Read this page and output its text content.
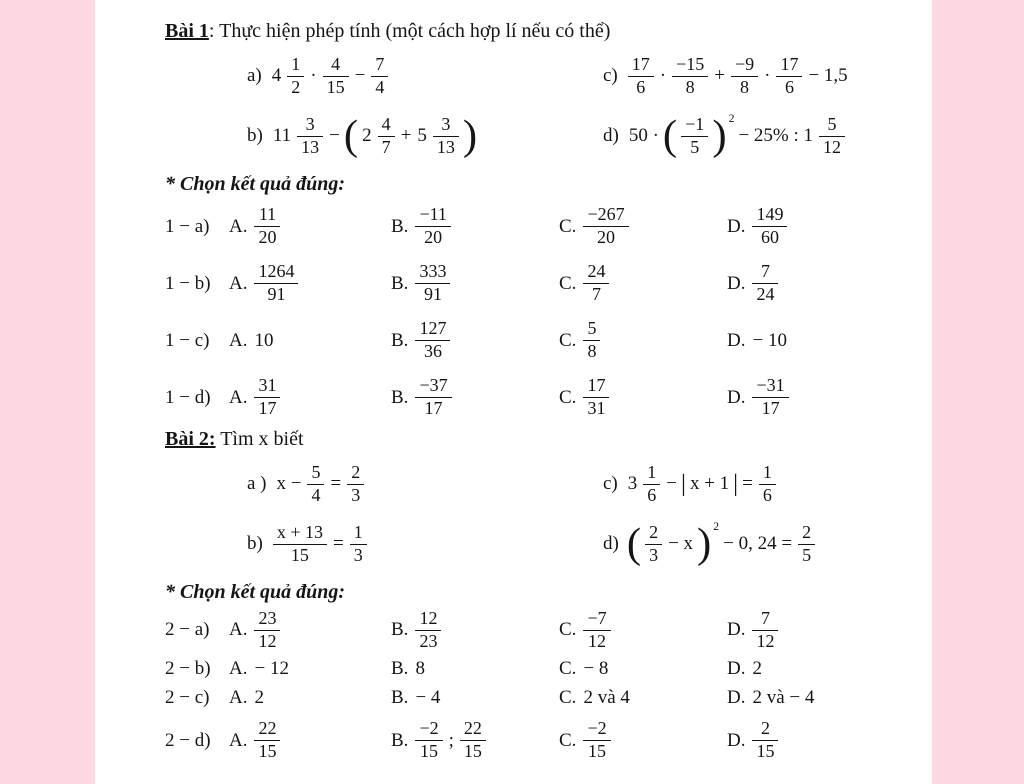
Bài 1: Thực hiện phép tính (một cách hợp lí nếu có thể)
a) $4 \frac{1}{2} \cdot \frac{4}{15} - \frac{7}{4}$	$c) \frac{17}{6} \cdot \frac{-15}{8} + \frac{-9}{8} \cdot \frac{17}{6} - 1,5$
b) $11 \frac{3}{13}$ − ( $2 \frac{4}{7} + 5 \frac{3}{13}$ )	d) 50 · ( $\frac{-1}{5}$ ) 2
− 25% : $1 \frac{5}{12}$
* Chọn kết quả đúng:
1 − a)	A. $\frac{11}{20}$	B. $\frac{-11}{20}$	C. $\frac{-267}{20}$	D. $\frac{149}{60}$
1 − b) A. $\frac{1264}{91}$	B. $\frac{333}{91}$	C. $\frac{24}{7}$	D. $\frac{7}{24}$
1 − c)	A. 10	B. $\frac{127}{36}$	C. $\frac{5}{8}$	D. − 10
1 − d) A. $\frac{31}{17}$	B. $\frac{-37}{17}$	C. $\frac{17}{31}$	D. $\frac{-31}{17}$
Bài 2: Tìm x biết
a ) $x - \frac{5}{4} = \frac{2}{3}$	c) $3 \frac{1}{6}$ − | x + 1 | = $\frac{1}{6}$
$b) \frac{x + 13}{15} = \frac{1}{3}$	d) ( $\frac{2}{3} - x$ ) 2
− 0, $24 = \frac{2}{5}$
* Chọn kết quả đúng:
2 − a)	A. $\frac{23}{12}$	B. $\frac{12}{23}$	C. $\frac{-7}{12}$	D. $\frac{7}{12}$
2 − b) A. − 12	B. 8	C. − 8	D. 2
2 − c)	A. 2	B. − 4	C. 2 và 4	D. 2 và − 4
2 − d) A. $\frac{22}{15}$	B. $\frac{-2}{15}$ ; $\frac{22}{15}$	C. $\frac{-2}{15}$	D. $\frac{2}{15}$
